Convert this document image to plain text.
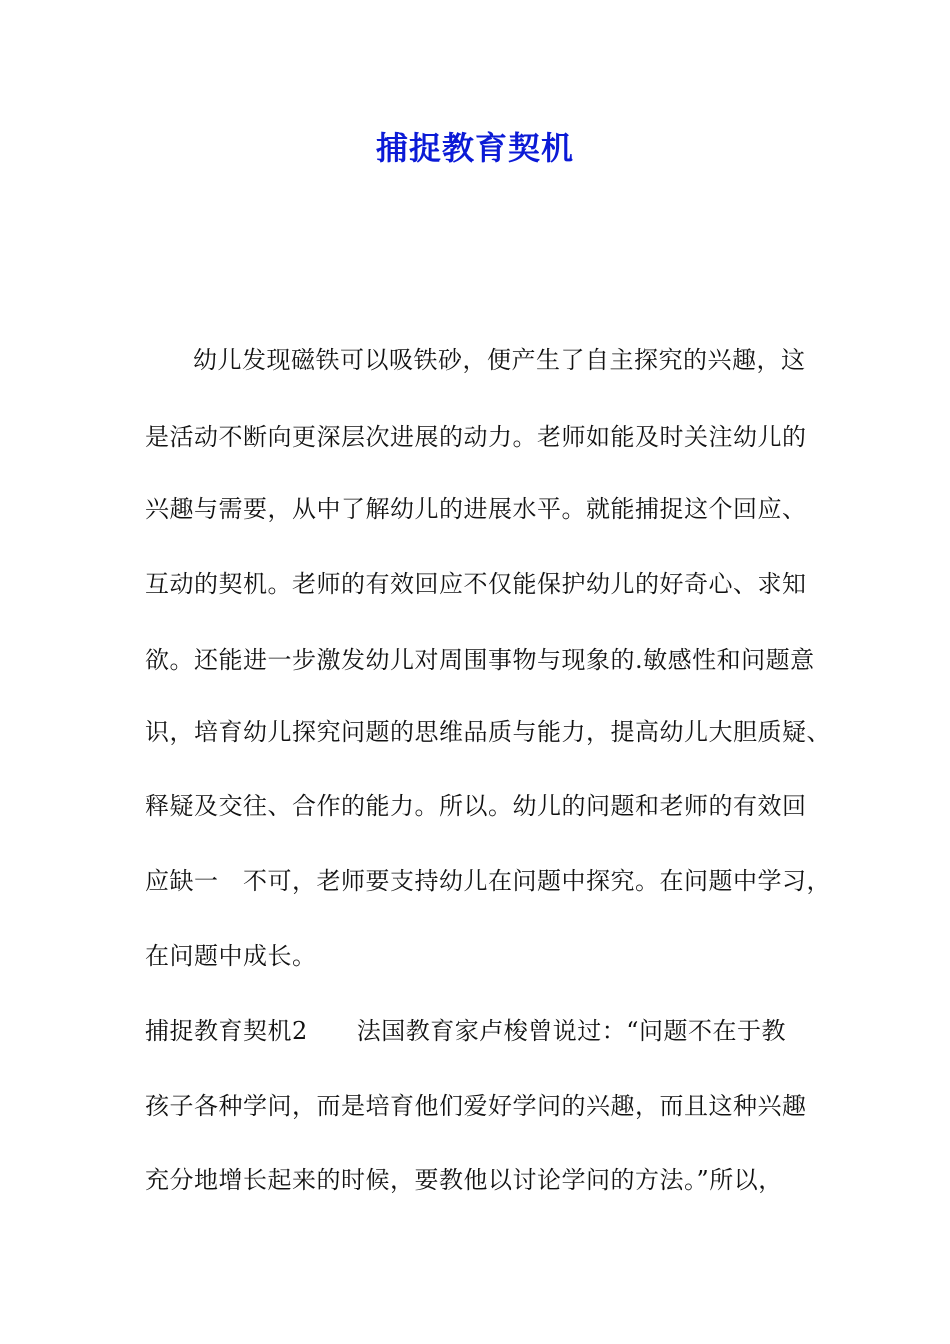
捕捉教育契机
幼儿发现磁铁可以吸铁砂，便产生了自主探究的兴趣，这
是活动不断向更深层次进展的动力。老师如能及时关注幼儿的
兴趣与需要，从中了解幼儿的进展水平。就能捕捉这个回应、
互动的契机。老师的有效回应不仅能保护幼儿的好奇心、求知
欲。还能进一步激发幼儿对周围事物与现象的.敏感性和问题意
识，培育幼儿探究问题的思维品质与能力，提高幼儿大胆质疑、
释疑及交往、合作的能力。所以。幼儿的问题和老师的有效回
应缺一　不可，老师要支持幼儿在问题中探究。在问题中学习，
在问题中成长。
捕捉教育契机2　　法国教育家卢梭曾说过：“问题不在于教
孩子各种学问，而是培育他们爱好学问的兴趣，而且这种兴趣
充分地增长起来的时候，要教他以讨论学问的方法。”所以，
